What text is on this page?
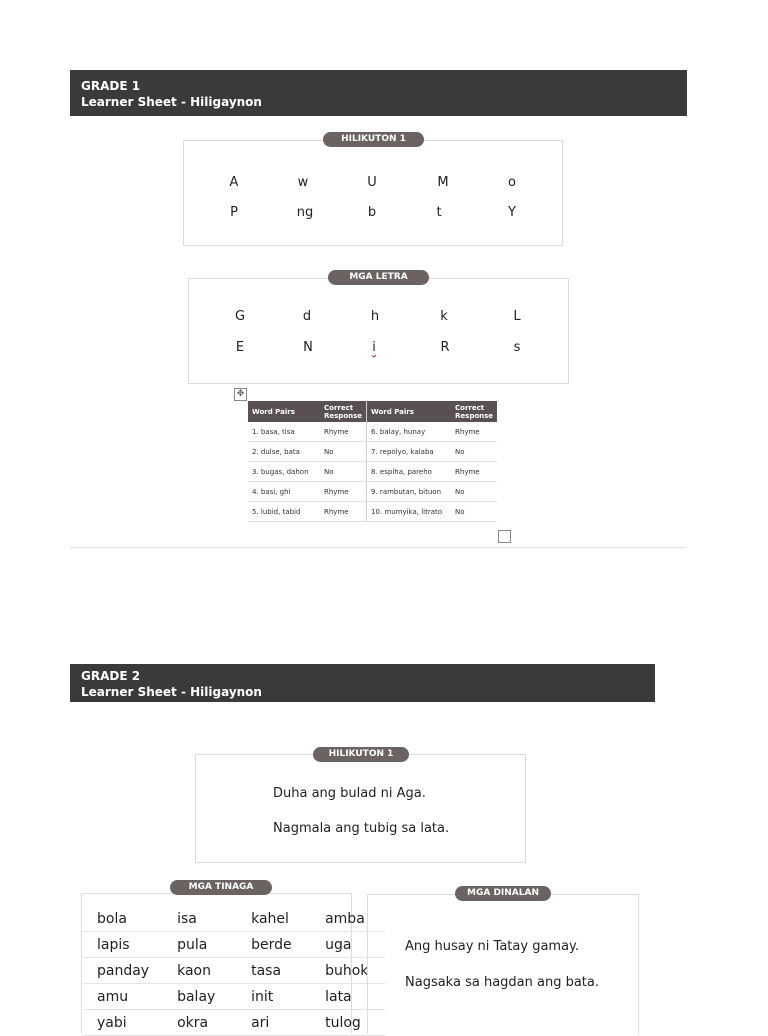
GRADE 1
Learner Sheet - Hiligaynon
HILIKUTON 1
A	w	U	M	o
P	ng	b	t	Y
MGA LETRA
G	d	h	k	L
E	N	i	R	s
✥
Word Pairs	Correct Response	Word Pairs	Correct Response
1. basa, tisa	Rhyme	6. balay, hunay	Rhyme
2. dulse, bata	No	7. repolyo, kalaba	No
3. bugas, dahon	No	8. espiha, pareho	Rhyme
4. basi, ghi	Rhyme	9. rambutan, bituon	No
5. lubid, tabid	Rhyme	10. mumyika, litrato	No
GRADE 2
Learner Sheet - Hiligaynon
HILIKUTON 1
Duha ang bulad ni Aga.
Nagmala ang tubig sa lata.
MGA TINAGA
bola	isa	kahel	amba
lapis	pula	berde	uga
panday	kaon	tasa	buhok
amu	balay	init	lata
yabi	okra	ari	tulog
MGA DINALAN
Ang husay ni Tatay gamay.
Nagsaka sa hagdan ang bata.
